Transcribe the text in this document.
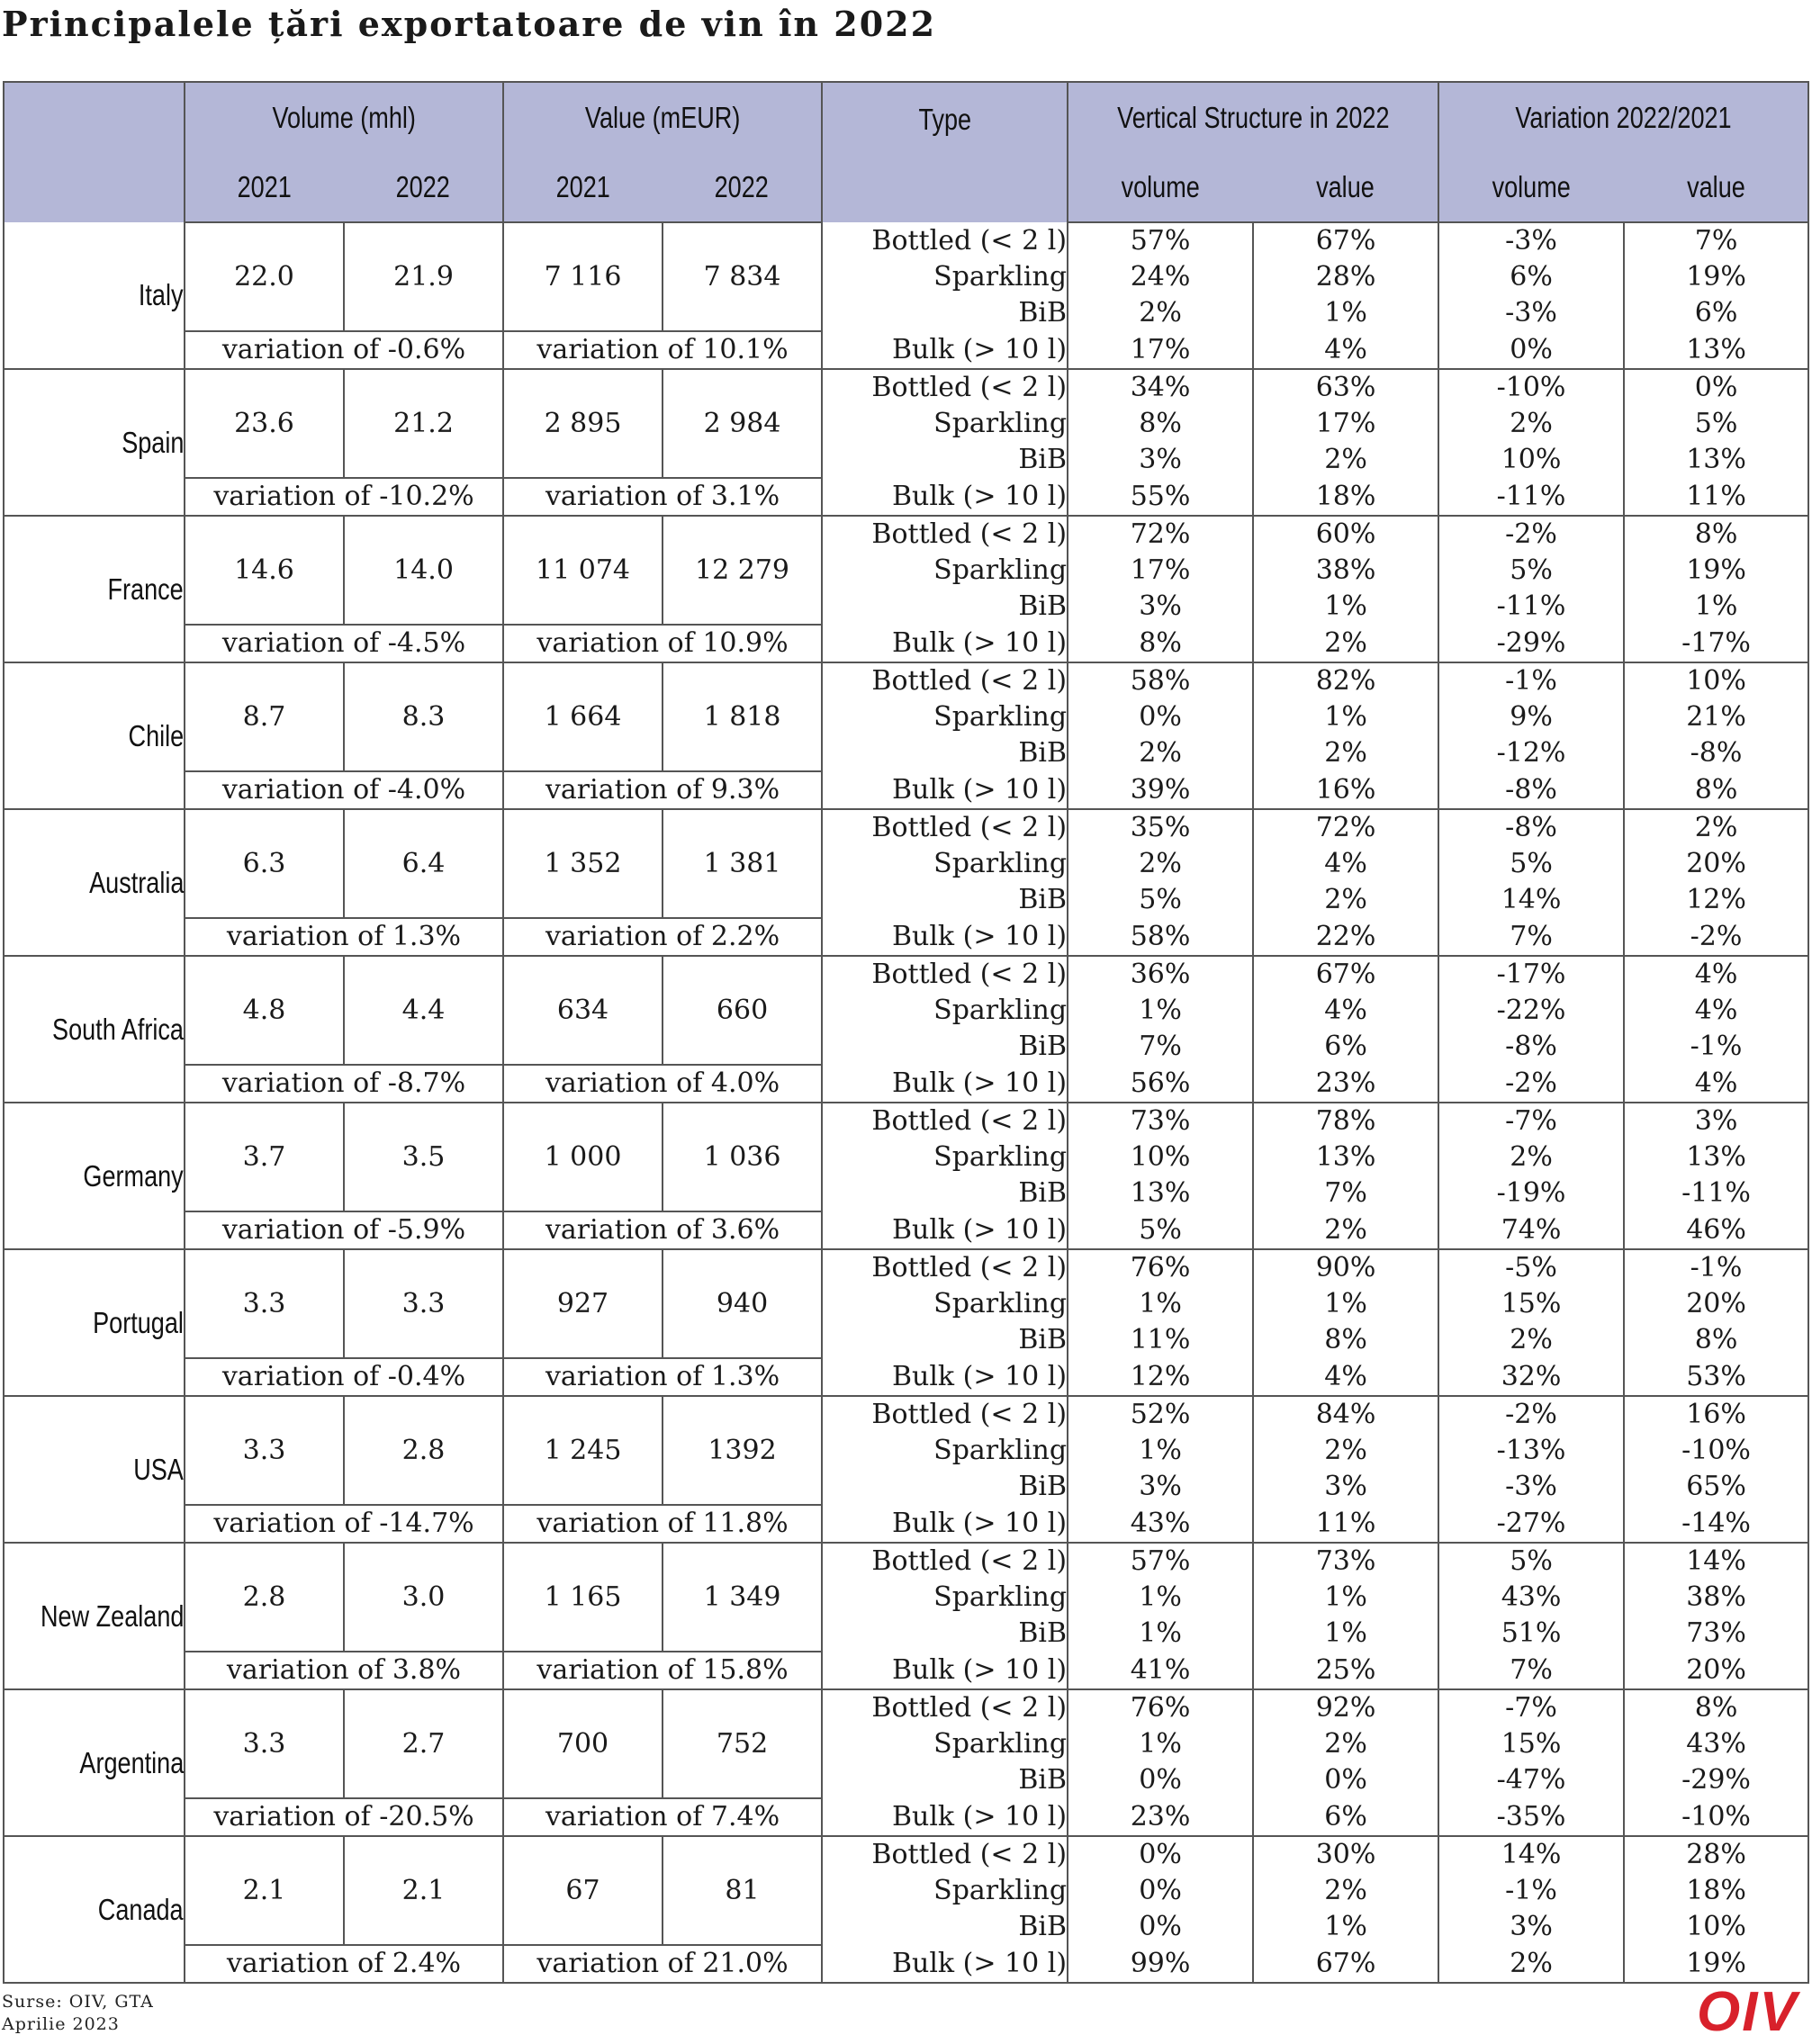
Principalele țări exportatoare de vin în 2022
	Volume (mhl)		Value (mEUR)		Type	Vertical Structure in 2022		Variation 2022/2021	
	2021	2022	2021	2022		volume	value	volume	value
Italy	22.0	21.9	7 116	7 834	Bottled (< 2 l)	57%	67%	-3%	7%
					Sparkling	24%	28%	6%	19%
					BiB	2%	1%	-3%	6%
	variation of -0.6%		variation of 10.1%		Bulk (> 10 l)	17%	4%	0%	13%
Spain	23.6	21.2	2 895	2 984	Bottled (< 2 l)	34%	63%	-10%	0%
					Sparkling	8%	17%	2%	5%
					BiB	3%	2%	10%	13%
	variation of -10.2%		variation of 3.1%		Bulk (> 10 l)	55%	18%	-11%	11%
France	14.6	14.0	11 074	12 279	Bottled (< 2 l)	72%	60%	-2%	8%
					Sparkling	17%	38%	5%	19%
					BiB	3%	1%	-11%	1%
	variation of -4.5%		variation of 10.9%		Bulk (> 10 l)	8%	2%	-29%	-17%
Chile	8.7	8.3	1 664	1 818	Bottled (< 2 l)	58%	82%	-1%	10%
					Sparkling	0%	1%	9%	21%
					BiB	2%	2%	-12%	-8%
	variation of -4.0%		variation of 9.3%		Bulk (> 10 l)	39%	16%	-8%	8%
Australia	6.3	6.4	1 352	1 381	Bottled (< 2 l)	35%	72%	-8%	2%
					Sparkling	2%	4%	5%	20%
					BiB	5%	2%	14%	12%
	variation of 1.3%		variation of 2.2%		Bulk (> 10 l)	58%	22%	7%	-2%
South Africa	4.8	4.4	634	660	Bottled (< 2 l)	36%	67%	-17%	4%
					Sparkling	1%	4%	-22%	4%
					BiB	7%	6%	-8%	-1%
	variation of -8.7%		variation of 4.0%		Bulk (> 10 l)	56%	23%	-2%	4%
Germany	3.7	3.5	1 000	1 036	Bottled (< 2 l)	73%	78%	-7%	3%
					Sparkling	10%	13%	2%	13%
					BiB	13%	7%	-19%	-11%
	variation of -5.9%		variation of 3.6%		Bulk (> 10 l)	5%	2%	74%	46%
Portugal	3.3	3.3	927	940	Bottled (< 2 l)	76%	90%	-5%	-1%
					Sparkling	1%	1%	15%	20%
					BiB	11%	8%	2%	8%
	variation of -0.4%		variation of 1.3%		Bulk (> 10 l)	12%	4%	32%	53%
USA	3.3	2.8	1 245	1392	Bottled (< 2 l)	52%	84%	-2%	16%
					Sparkling	1%	2%	-13%	-10%
					BiB	3%	3%	-3%	65%
	variation of -14.7%		variation of 11.8%		Bulk (> 10 l)	43%	11%	-27%	-14%
New Zealand	2.8	3.0	1 165	1 349	Bottled (< 2 l)	57%	73%	5%	14%
					Sparkling	1%	1%	43%	38%
					BiB	1%	1%	51%	73%
	variation of 3.8%		variation of 15.8%		Bulk (> 10 l)	41%	25%	7%	20%
Argentina	3.3	2.7	700	752	Bottled (< 2 l)	76%	92%	-7%	8%
					Sparkling	1%	2%	15%	43%
					BiB	0%	0%	-47%	-29%
	variation of -20.5%		variation of 7.4%		Bulk (> 10 l)	23%	6%	-35%	-10%
Canada	2.1	2.1	67	81	Bottled (< 2 l)	0%	30%	14%	28%
					Sparkling	0%	2%	-1%	18%
					BiB	0%	1%	3%	10%
	variation of 2.4%		variation of 21.0%		Bulk (> 10 l)	99%	67%	2%	19%
Surse: OIV, GTA
Aprilie 2023	OIV
